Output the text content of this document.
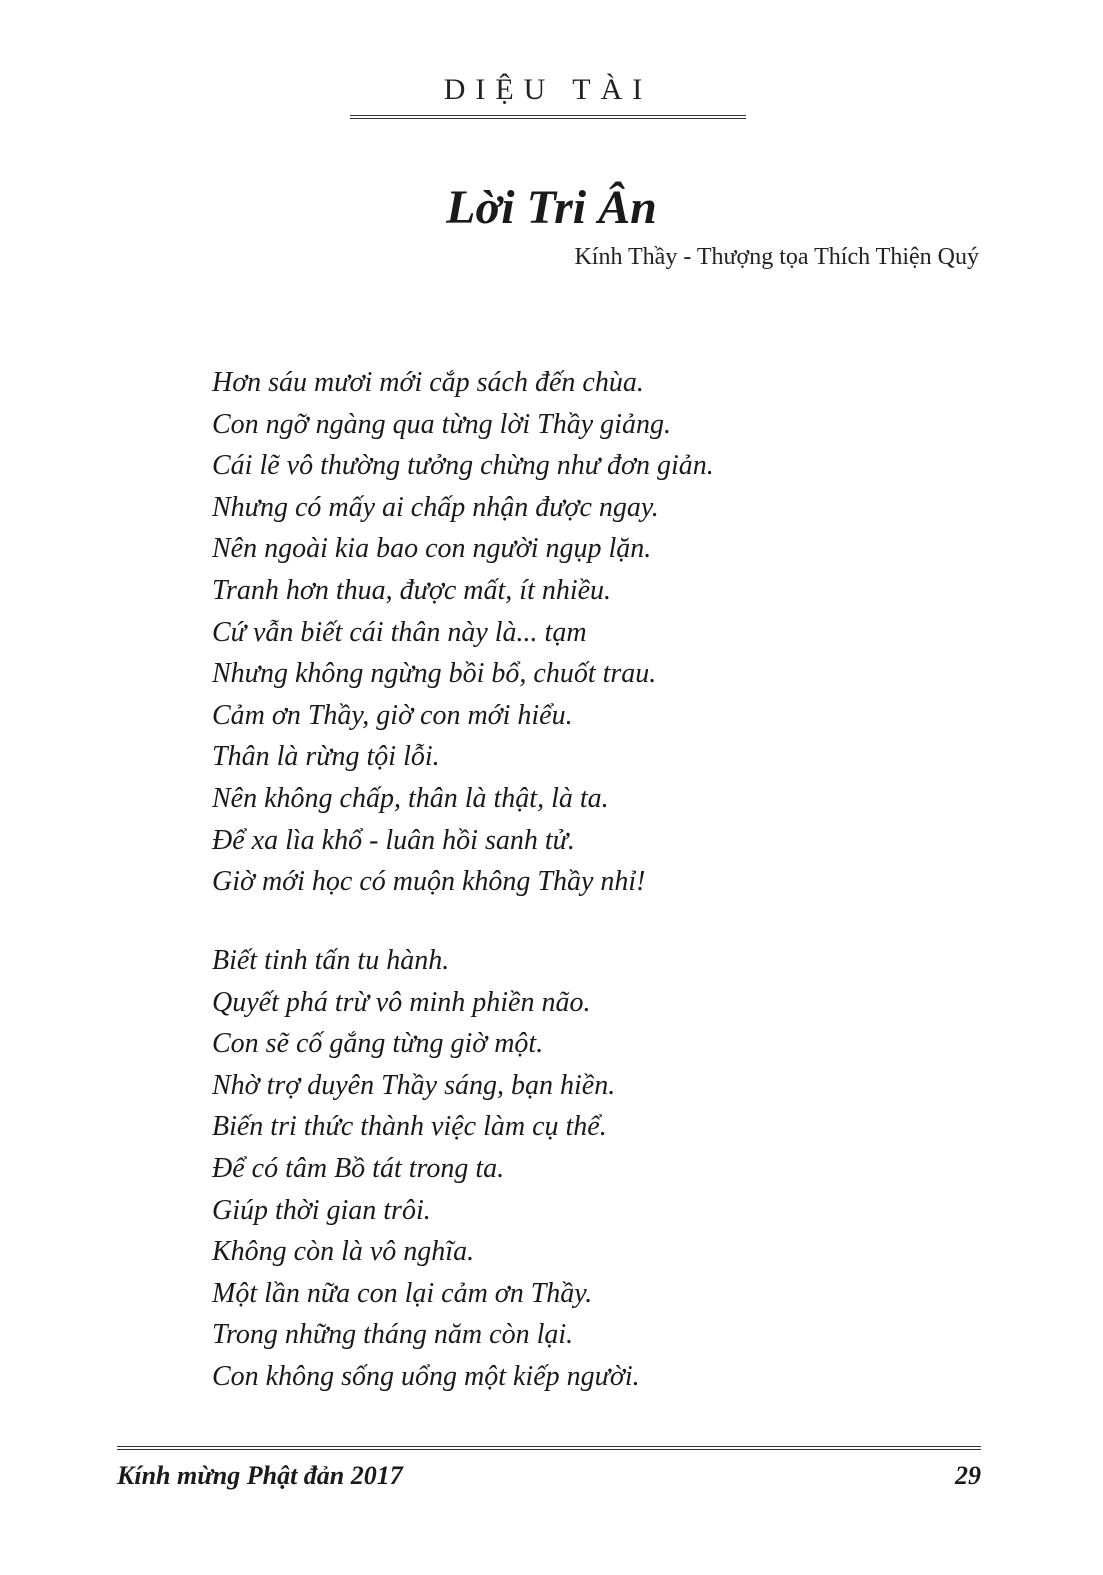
DIỆU TÀI
Lời Tri Ân
Kính Thầy - Thượng tọa Thích Thiện Quý
Hơn sáu mươi mới cắp sách đến chùa.
Con ngỡ ngàng qua từng lời Thầy giảng.
Cái lẽ vô thường tưởng chừng như đơn giản.
Nhưng có mấy ai chấp nhận được ngay.
Nên ngoài kia bao con người ngụp lặn.
Tranh hơn thua, được mất, ít nhiều.
Cứ vẫn biết cái thân này là... tạm
Nhưng không ngừng bồi bổ, chuốt trau.
Cảm ơn Thầy, giờ con mới hiểu.
Thân là rừng tội lỗi.
Nên không chấp, thân là thật, là ta.
Để xa lìa khổ - luân hồi sanh tử.
Giờ mới học có muộn không Thầy nhỉ!
Biết tinh tấn tu hành.
Quyết phá trừ vô minh phiền não.
Con sẽ cố gắng từng giờ một.
Nhờ trợ duyên Thầy sáng, bạn hiền.
Biến tri thức thành việc làm cụ thể.
Để có tâm Bồ tát trong ta.
Giúp thời gian trôi.
Không còn là vô nghĩa.
Một lần nữa con lại cảm ơn Thầy.
Trong những tháng năm còn lại.
Con không sống uổng một kiếp người.
Kính mừng Phật đản 2017	29
